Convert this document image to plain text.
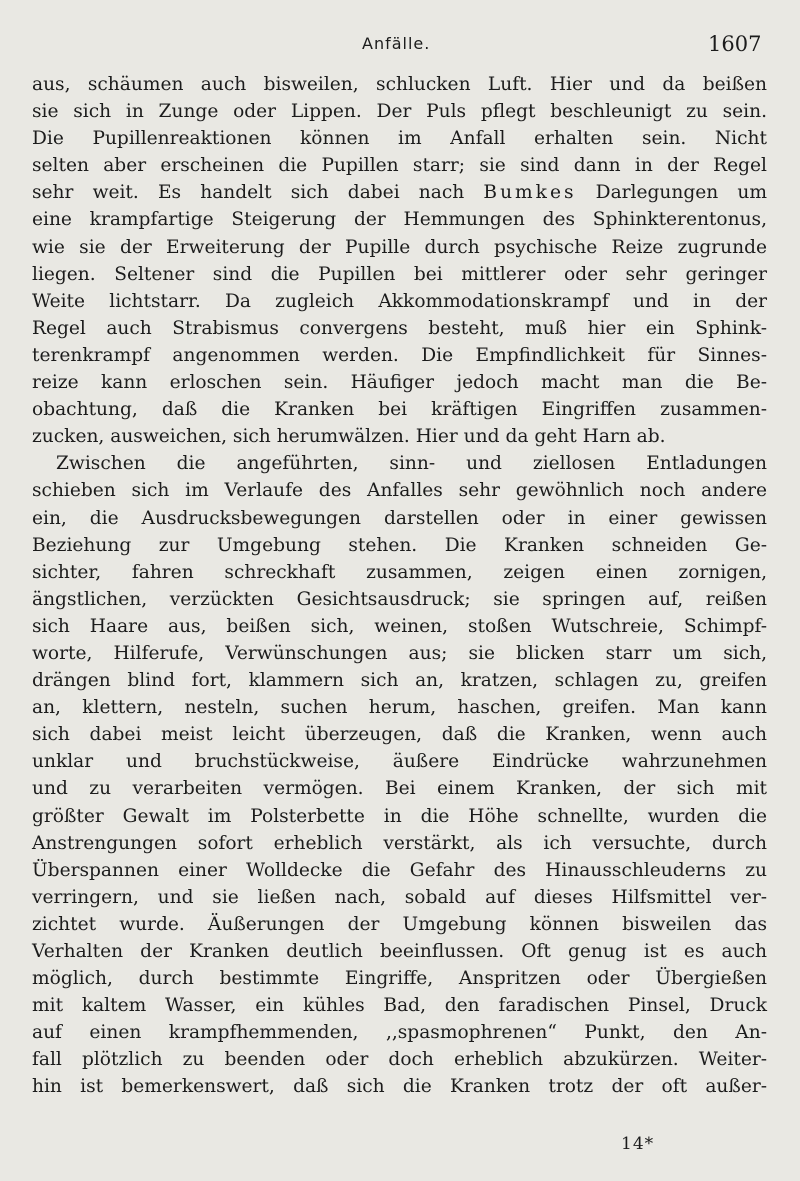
Anfälle.	1607
aus, schäumen auch bisweilen, schlucken Luft. Hier und da beißen
sie sich in Zunge oder Lippen. Der Puls pflegt beschleunigt zu sein.
Die Pupillenreaktionen können im Anfall erhalten sein. Nicht
selten aber erscheinen die Pupillen starr; sie sind dann in der Regel
sehr weit. Es handelt sich dabei nach Bumkes Darlegungen um
eine krampfartige Steigerung der Hemmungen des Sphinkterentonus,
wie sie der Erweiterung der Pupille durch psychische Reize zugrunde
liegen. Seltener sind die Pupillen bei mittlerer oder sehr geringer
Weite lichtstarr. Da zugleich Akkommodationskrampf und in der
Regel auch Strabismus convergens besteht, muß hier ein Sphink-
terenkrampf angenommen werden. Die Empfindlichkeit für Sinnes-
reize kann erloschen sein. Häufiger jedoch macht man die Be-
obachtung, daß die Kranken bei kräftigen Eingriffen zusammen-
zucken, ausweichen, sich herumwälzen. Hier und da geht Harn ab.
Zwischen die angeführten, sinn- und ziellosen Entladungen
schieben sich im Verlaufe des Anfalles sehr gewöhnlich noch andere
ein, die Ausdrucksbewegungen darstellen oder in einer gewissen
Beziehung zur Umgebung stehen. Die Kranken schneiden Ge-
sichter, fahren schreckhaft zusammen, zeigen einen zornigen,
ängstlichen, verzückten Gesichtsausdruck; sie springen auf, reißen
sich Haare aus, beißen sich, weinen, stoßen Wutschreie, Schimpf-
worte, Hilferufe, Verwünschungen aus; sie blicken starr um sich,
drängen blind fort, klammern sich an, kratzen, schlagen zu, greifen
an, klettern, nesteln, suchen herum, haschen, greifen. Man kann
sich dabei meist leicht überzeugen, daß die Kranken, wenn auch
unklar und bruchstückweise, äußere Eindrücke wahrzunehmen
und zu verarbeiten vermögen. Bei einem Kranken, der sich mit
größter Gewalt im Polsterbette in die Höhe schnellte, wurden die
Anstrengungen sofort erheblich verstärkt, als ich versuchte, durch
Überspannen einer Wolldecke die Gefahr des Hinausschleuderns zu
verringern, und sie ließen nach, sobald auf dieses Hilfsmittel ver-
zichtet wurde. Äußerungen der Umgebung können bisweilen das
Verhalten der Kranken deutlich beeinflussen. Oft genug ist es auch
möglich, durch bestimmte Eingriffe, Anspritzen oder Übergießen
mit kaltem Wasser, ein kühles Bad, den faradischen Pinsel, Druck
auf einen krampfhemmenden, ,,spasmophrenen“ Punkt, den An-
fall plötzlich zu beenden oder doch erheblich abzukürzen. Weiter-
hin ist bemerkenswert, daß sich die Kranken trotz der oft außer-
14*
